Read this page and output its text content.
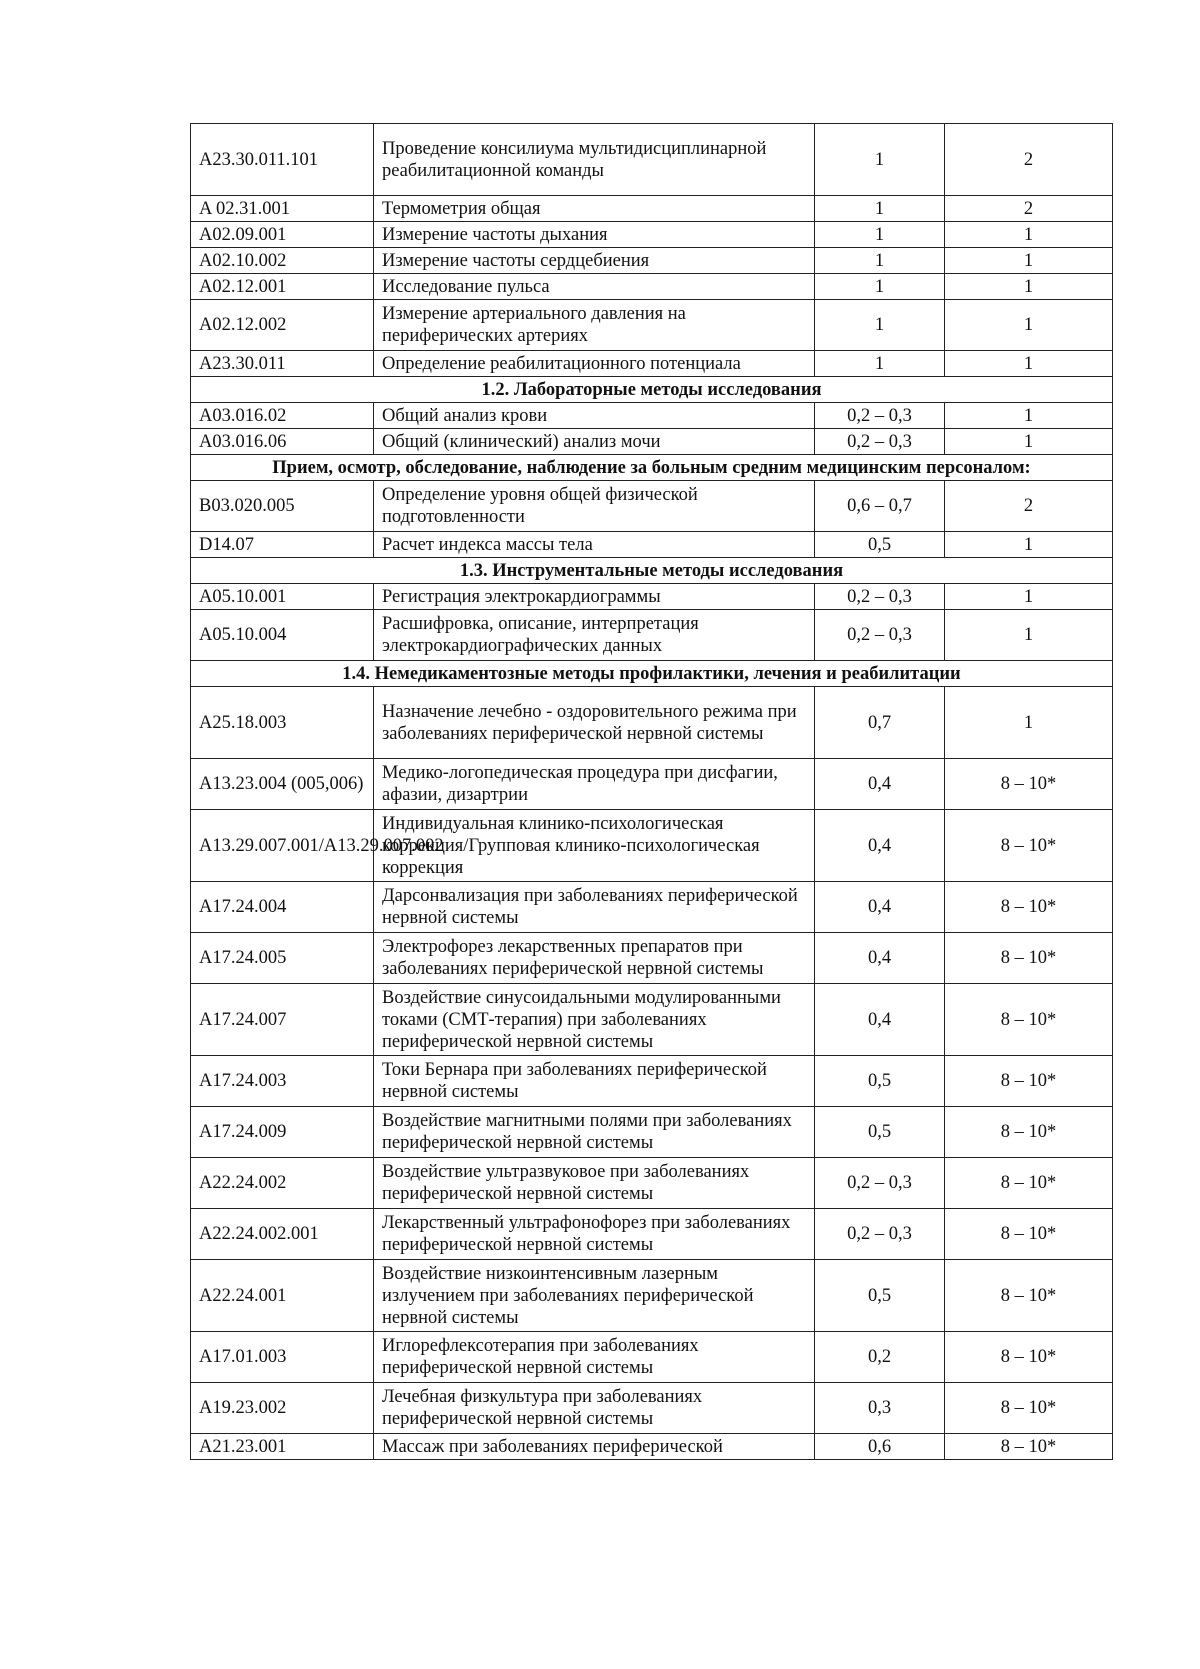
A23.30.011.101	Проведение консилиума мультидисциплинарной реабилитационной команды	1	2
A 02.31.001	Термометрия общая	1	2
A02.09.001	Измерение частоты дыхания	1	1
A02.10.002	Измерение частоты сердцебиения	1	1
A02.12.001	Исследование пульса	1	1
A02.12.002	Измерение артериального давления на периферических артериях	1	1
A23.30.011	Определение реабилитационного потенциала	1	1
1.2. Лабораторные методы исследования			
A03.016.02	Общий анализ крови	0,2 – 0,3	1
A03.016.06	Общий (клинический) анализ мочи	0,2 – 0,3	1
Прием, осмотр, обследование, наблюдение за больным средним медицинским персоналом:			
B03.020.005	Определение уровня общей физической подготовленности	0,6 – 0,7	2
D14.07	Расчет индекса массы тела	0,5	1
1.3. Инструментальные методы исследования			
A05.10.001	Регистрация электрокардиограммы	0,2 – 0,3	1
A05.10.004	Расшифровка, описание, интерпретация электрокардиографических данных	0,2 – 0,3	1
1.4. Немедикаментозные методы профилактики, лечения и реабилитации			
A25.18.003	Назначение лечебно - оздоровительного режима при заболеваниях периферической нервной системы	0,7	1
A13.23.004 (005,006)	Медико-логопедическая процедура при дисфагии, афазии, дизартрии	0,4	8 – 10*
A13.29.007.001/A13.29.007.002	Индивидуальная клинико-психологическая коррекция/Групповая клинико-психологическая коррекция	0,4	8 – 10*
A17.24.004	Дарсонвализация при заболеваниях периферической нервной системы	0,4	8 – 10*
A17.24.005	Электрофорез лекарственных препаратов при заболеваниях периферической нервной системы	0,4	8 – 10*
A17.24.007	Воздействие синусоидальными модулированными токами (СМТ-терапия) при заболеваниях периферической нервной системы	0,4	8 – 10*
A17.24.003	Токи Бернара при заболеваниях периферической нервной системы	0,5	8 – 10*
A17.24.009	Воздействие магнитными полями при заболеваниях периферической нервной системы	0,5	8 – 10*
A22.24.002	Воздействие ультразвуковое при заболеваниях периферической нервной системы	0,2 – 0,3	8 – 10*
A22.24.002.001	Лекарственный ультрафонофорез при заболеваниях периферической нервной системы	0,2 – 0,3	8 – 10*
A22.24.001	Воздействие низкоинтенсивным лазерным излучением при заболеваниях периферической нервной системы	0,5	8 – 10*
A17.01.003	Иглорефлексотерапия при заболеваниях периферической нервной системы	0,2	8 – 10*
A19.23.002	Лечебная физкультура при заболеваниях периферической нервной системы	0,3	8 – 10*
A21.23.001	Массаж при заболеваниях периферической	0,6	8 – 10*
